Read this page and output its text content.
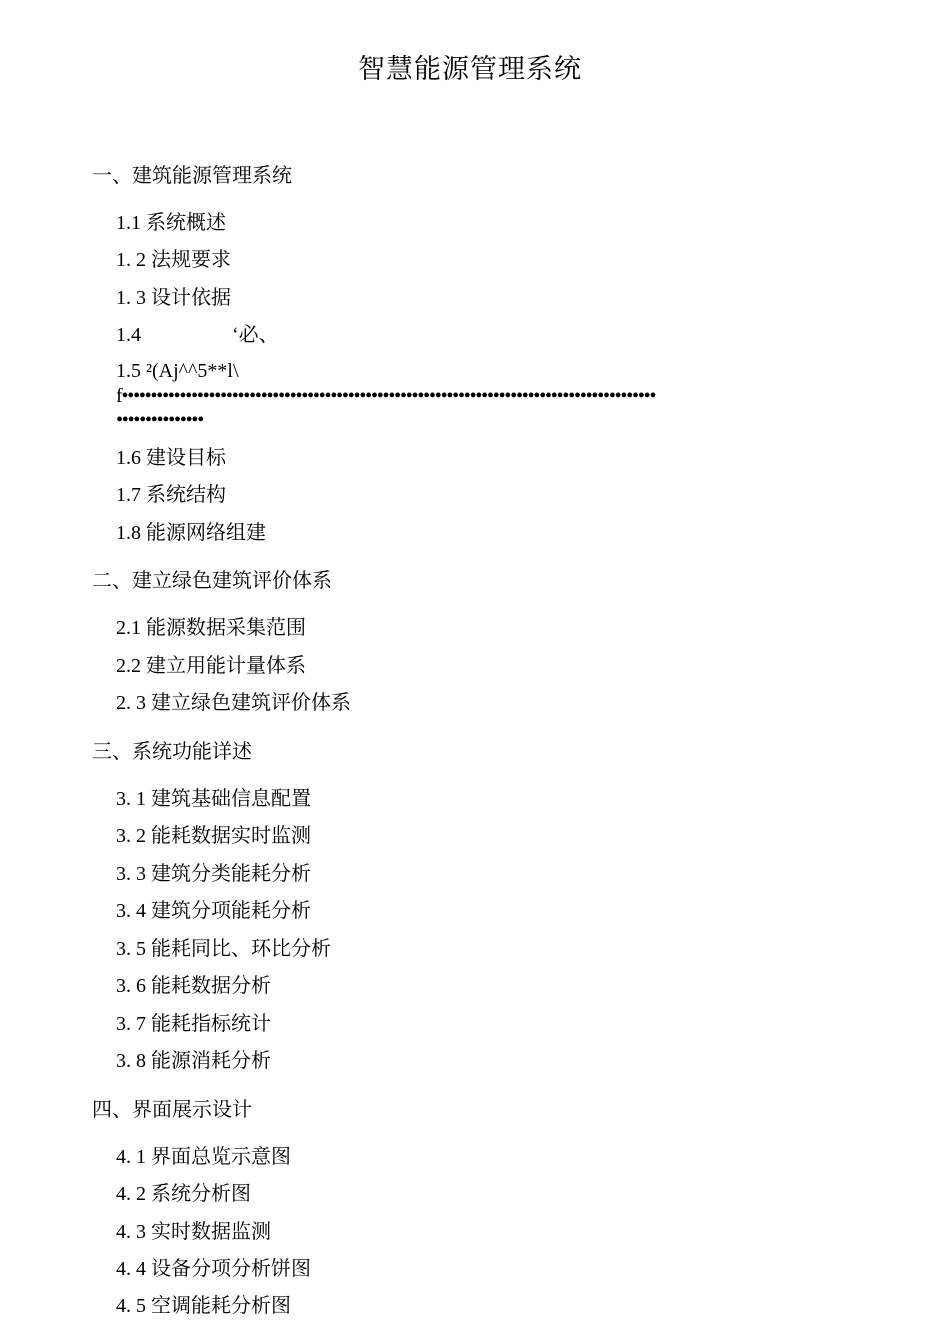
智慧能源管理系统
一、建筑能源管理系统
1.1 系统概述
1. 2 法规要求
1. 3 设计依据
1.4	‘必、
1.5 ²(Aj^^5**l\
f••••••••••••••••••••••••••••••••••••••••••••••••••••••••••••••••••••••••••••••••••••••••••••
•••••••••••••••
1.6 建设目标
1.7 系统结构
1.8 能源网络组建
二、建立绿色建筑评价体系
2.1 能源数据采集范围
2.2 建立用能计量体系
2. 3 建立绿色建筑评价体系
三、系统功能详述
3. 1 建筑基础信息配置
3. 2 能耗数据实时监测
3. 3 建筑分类能耗分析
3. 4 建筑分项能耗分析
3. 5 能耗同比、环比分析
3. 6 能耗数据分析
3. 7 能耗指标统计
3. 8 能源消耗分析
四、界面展示设计
4. 1 界面总览示意图
4. 2 系统分析图
4. 3 实时数据监测
4. 4 设备分项分析饼图
4. 5 空调能耗分析图
